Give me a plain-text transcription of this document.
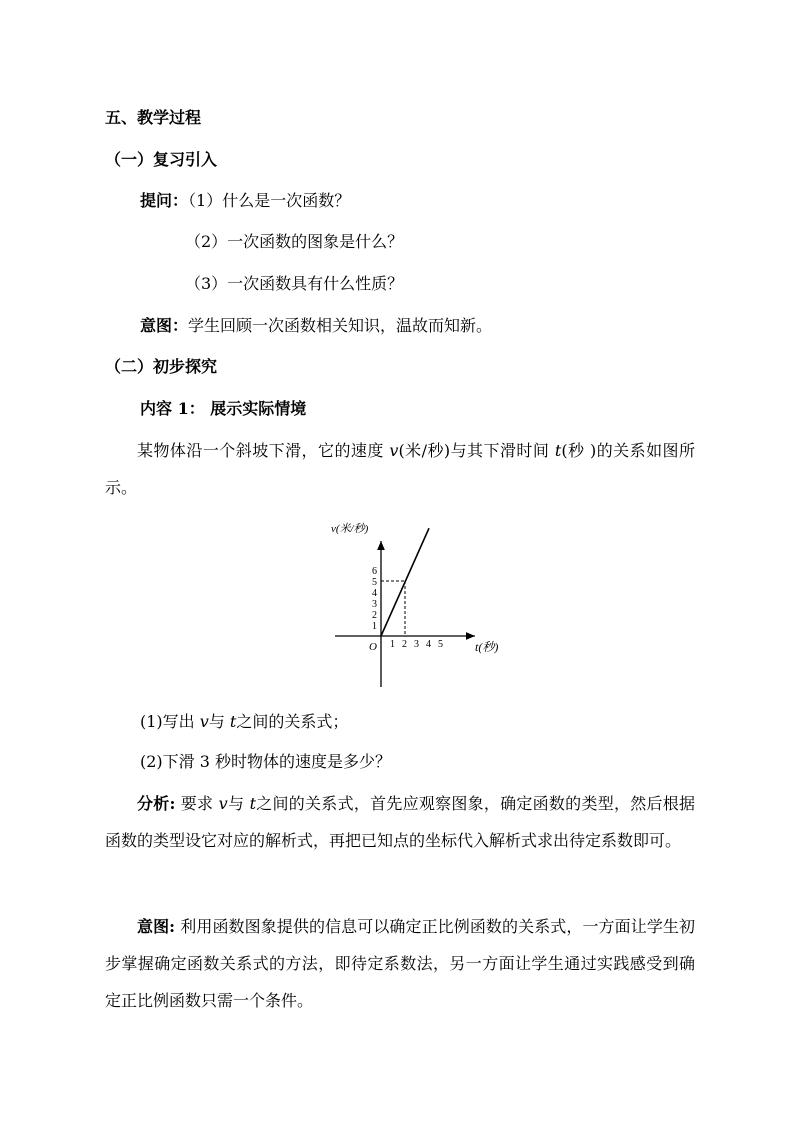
五、教学过程
（一）复习引入
提问：（1）什么是一次函数？
（2）一次函数的图象是什么？
（3）一次函数具有什么性质？
意图：学生回顾一次函数相关知识，温故而知新。
（二）初步探究
内容 1： 展示实际情境
某物体沿一个斜坡下滑，它的速度 v(米/秒)与其下滑时间 t(秒 )的关系如图所示。
1 2 3 4 5
1
2
3
4
5
6
v(米/秒)
t(秒)
O
(1)写出 v与 t之间的关系式；
(2)下滑 3 秒时物体的速度是多少？
分析: 要求 v与 t之间的关系式，首先应观察图象，确定函数的类型，然后根据函数的类型设它对应的解析式，再把已知点的坐标代入解析式求出待定系数即可。
意图: 利用函数图象提供的信息可以确定正比例函数的关系式，一方面让学生初步掌握确定函数关系式的方法，即待定系数法，另一方面让学生通过实践感受到确定正比例函数只需一个条件。
